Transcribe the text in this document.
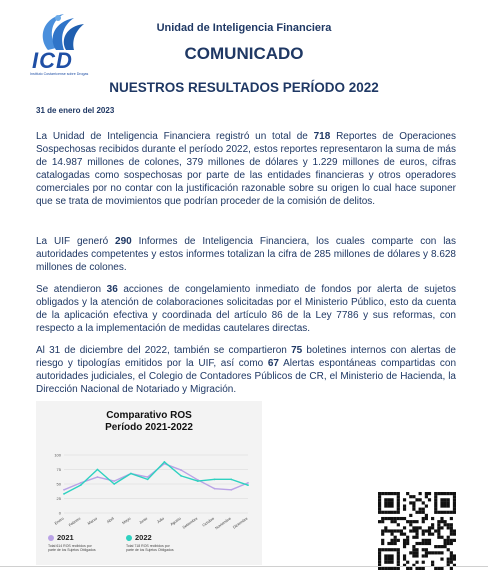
ICD
Instituto Costarricense sobre Drogas
Unidad de Inteligencia Financiera
COMUNICADO
NUESTROS RESULTADOS PERÍODO 2022
31 de enero del 2023
La Unidad de Inteligencia Financiera registró un total de 718 Reportes de Operaciones Sospechosas recibidos durante el período 2022, estos reportes representaron la suma de más de 14.987 millones de colones, 379 millones de dólares y 1.229 millones de euros, cifras catalogadas como sospechosas por parte de las entidades financieras y otros operadores comerciales por no contar con la justificación razonable sobre su origen lo cual hace suponer que se trata de movimientos que podrían proceder de la comisión de delitos.
La UIF generó 290 Informes de Inteligencia Financiera, los cuales comparte con las autoridades competentes y estos informes totalizan la cifra de 285 millones de dólares y 8.628 millones de colones.
Se atendieron 36 acciones de congelamiento inmediato de fondos por alerta de sujetos obligados y la atención de colaboraciones solicitadas por el Ministerio Público, esto da cuenta de la aplicación efectiva y coordinada del artículo 86 de la Ley 7786 y sus reformas, con respecto a la implementación de medidas cautelares directas.
Al 31 de diciembre del 2022, también se compartieron 75 boletines internos con alertas de riesgo y tipologías emitidos por la UIF, así como 67 Alertas espontáneas compartidas con autoridades judiciales, el Colegio de Contadores Públicos de CR, el Ministerio de Hacienda, la Dirección Nacional de Notariado y Migración.
Comparativo ROS
Período 2021-2022
0
25
50
75
100
Enero Febrero Marzo Abril Mayo Junio Julio Agosto Setiembre Octubre Noviembre Diciembre
2021
Total 614 ROS recibidos por parte de los Sujetos Obligados
2022
Total 718 ROS recibidos por parte de los Sujetos Obligados
